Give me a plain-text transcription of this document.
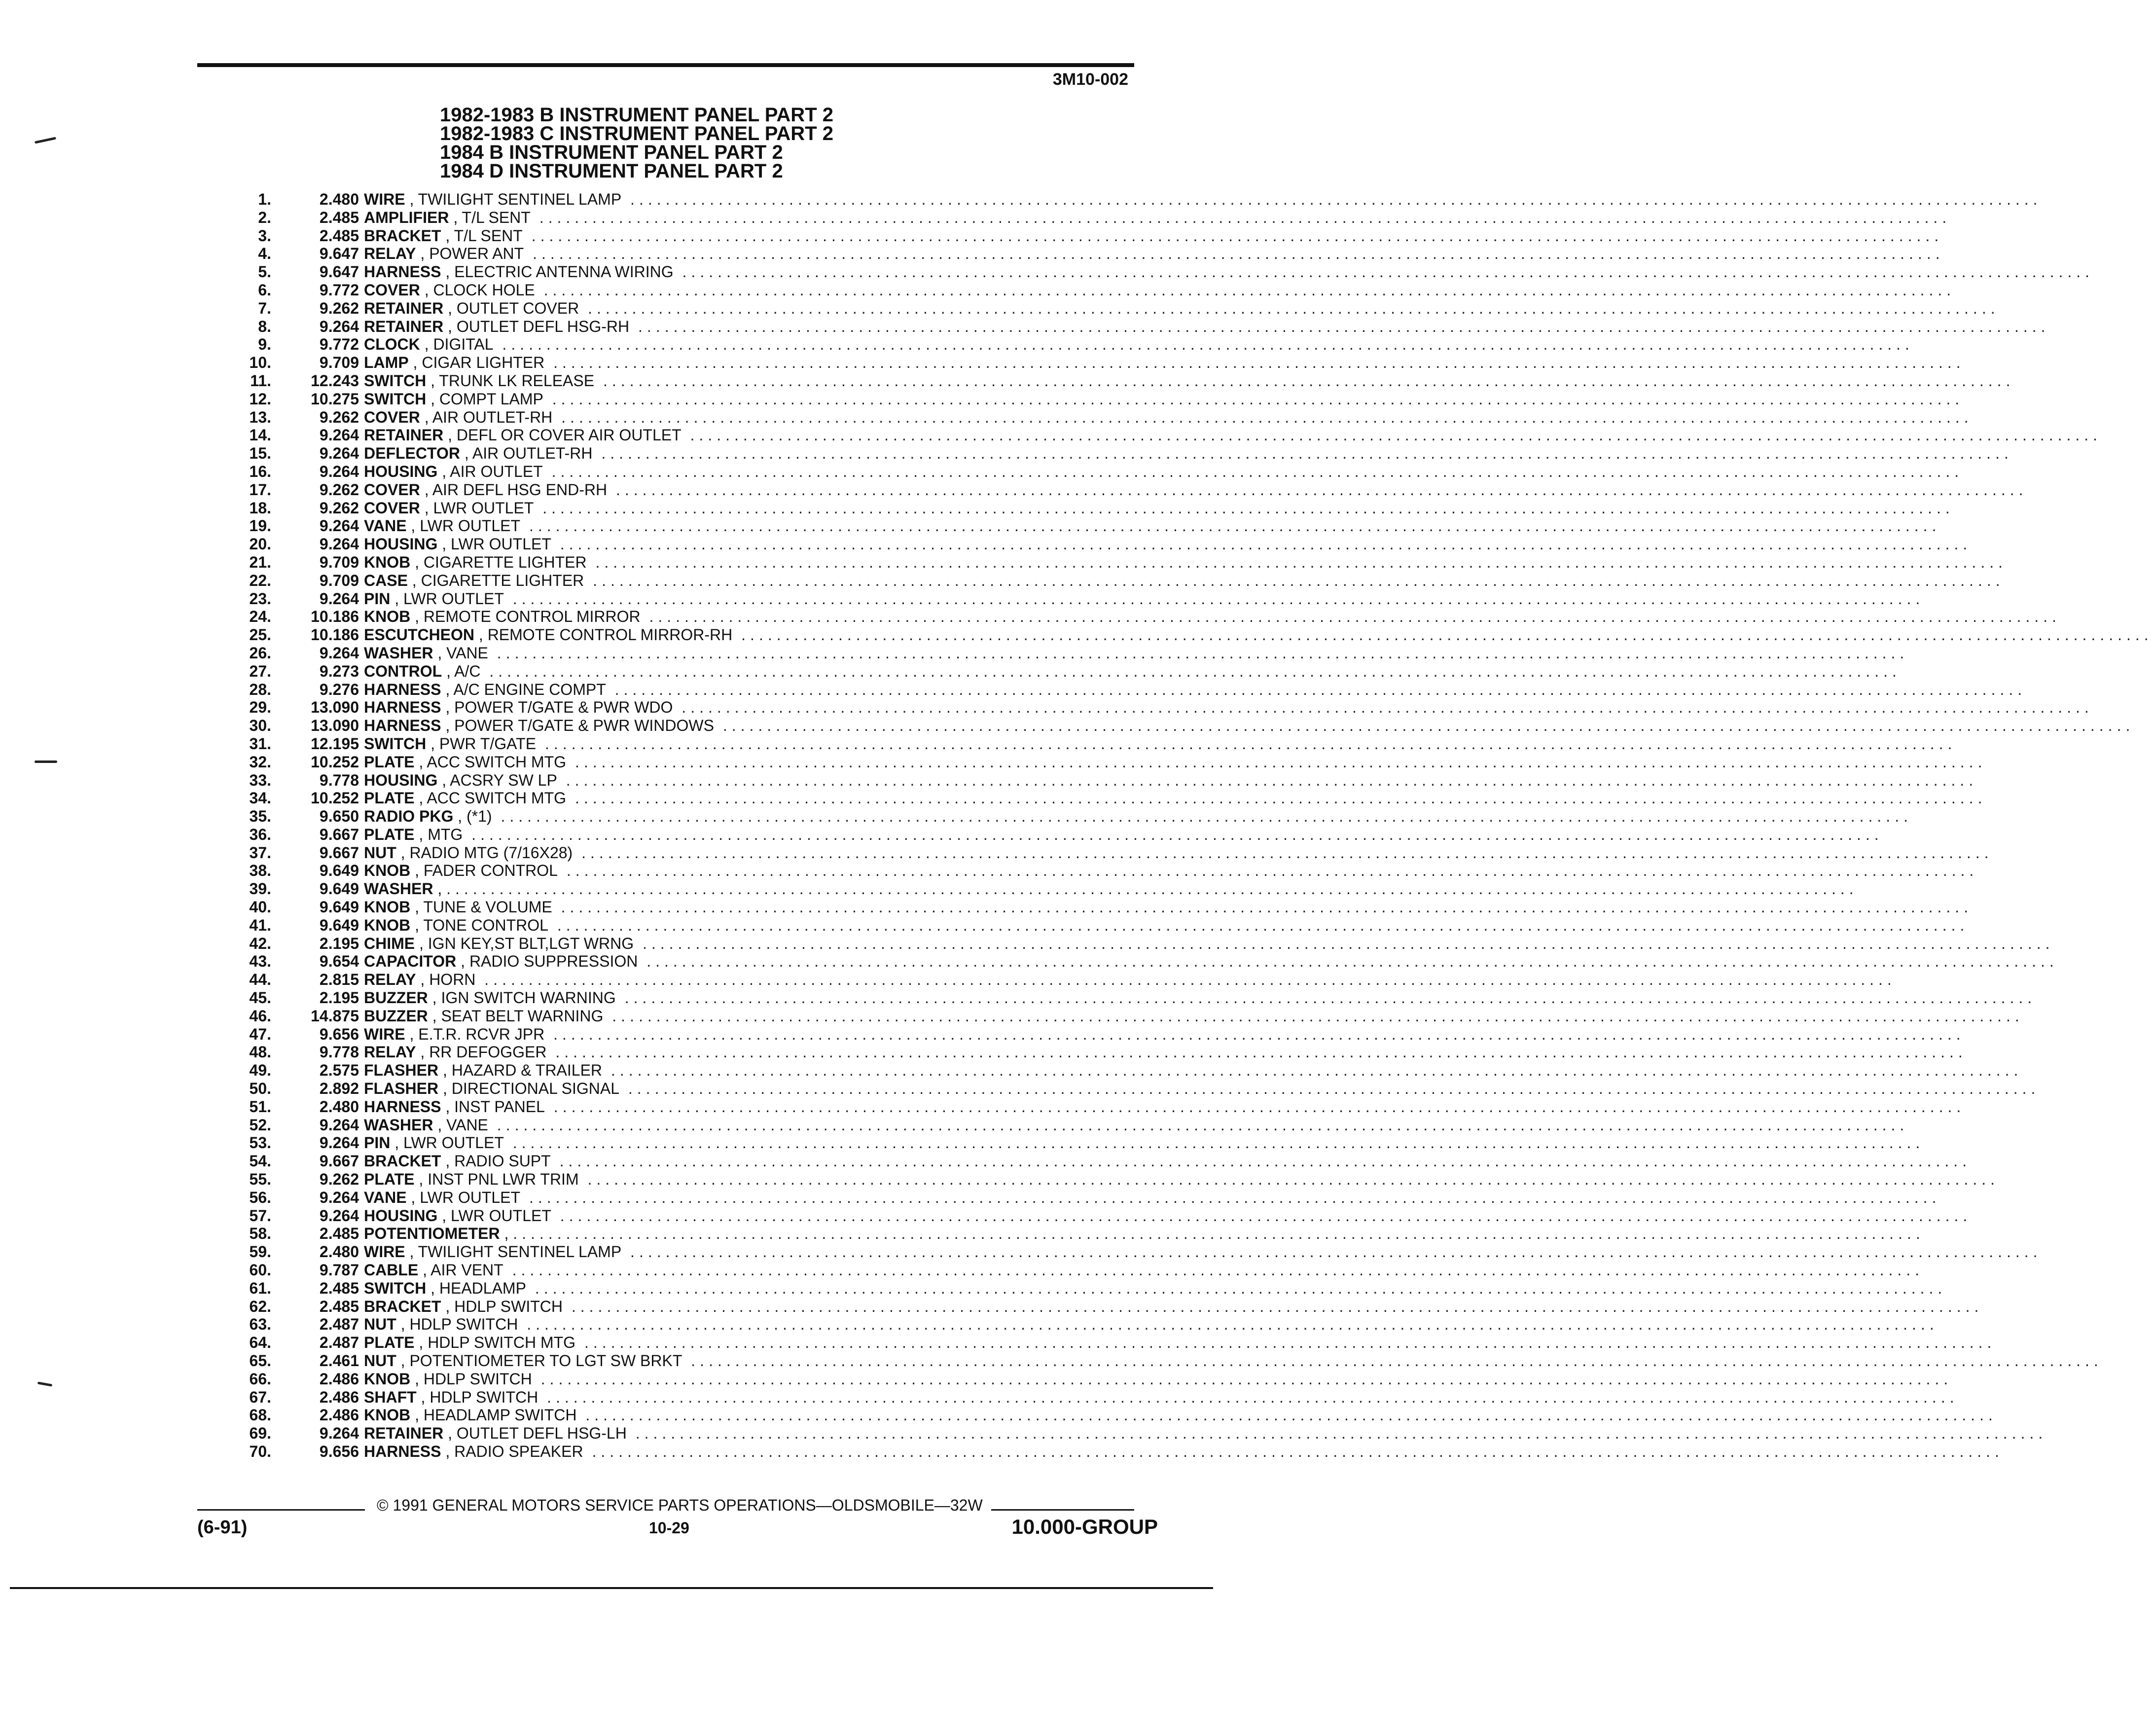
3M10-002
1982-1983 B INSTRUMENT PANEL PART 2
1982-1983 C INSTRUMENT PANEL PART 2
1984 B INSTRUMENT PANEL PART 2
1984 D INSTRUMENT PANEL PART 2
1.	2.480 WIRE , TWILIGHT SENTINEL LAMP ................................................................................................................................................................
2.	2.485 AMPLIFIER , T/L SENT ................................................................................................................................................................
3.	2.485 BRACKET , T/L SENT ................................................................................................................................................................
4.	9.647 RELAY , POWER ANT ................................................................................................................................................................
5.	9.647 HARNESS , ELECTRIC ANTENNA WIRING ................................................................................................................................................................
6.	9.772 COVER , CLOCK HOLE ................................................................................................................................................................
7.	9.262 RETAINER , OUTLET COVER ................................................................................................................................................................
8.	9.264 RETAINER , OUTLET DEFL HSG-RH ................................................................................................................................................................
9.	9.772 CLOCK , DIGITAL ................................................................................................................................................................
10.	9.709 LAMP , CIGAR LIGHTER ................................................................................................................................................................
11.	12.243 SWITCH , TRUNK LK RELEASE ................................................................................................................................................................
12.	10.275 SWITCH , COMPT LAMP ................................................................................................................................................................
13.	9.262 COVER , AIR OUTLET-RH ................................................................................................................................................................
14.	9.264 RETAINER , DEFL OR COVER AIR OUTLET ................................................................................................................................................................
15.	9.264 DEFLECTOR , AIR OUTLET-RH ................................................................................................................................................................
16.	9.264 HOUSING , AIR OUTLET ................................................................................................................................................................
17.	9.262 COVER , AIR DEFL HSG END-RH ................................................................................................................................................................
18.	9.262 COVER , LWR OUTLET ................................................................................................................................................................
19.	9.264 VANE , LWR OUTLET ................................................................................................................................................................
20.	9.264 HOUSING , LWR OUTLET ................................................................................................................................................................
21.	9.709 KNOB , CIGARETTE LIGHTER ................................................................................................................................................................
22.	9.709 CASE , CIGARETTE LIGHTER ................................................................................................................................................................
23.	9.264 PIN , LWR OUTLET ................................................................................................................................................................
24.	10.186 KNOB , REMOTE CONTROL MIRROR ................................................................................................................................................................
25.	10.186 ESCUTCHEON , REMOTE CONTROL MIRROR-RH ................................................................................................................................................................
26.	9.264 WASHER , VANE ................................................................................................................................................................
27.	9.273 CONTROL , A/C ................................................................................................................................................................
28.	9.276 HARNESS , A/C ENGINE COMPT ................................................................................................................................................................
29.	13.090 HARNESS , POWER T/GATE & PWR WDO ................................................................................................................................................................
30.	13.090 HARNESS , POWER T/GATE & PWR WINDOWS ................................................................................................................................................................
31.	12.195 SWITCH , PWR T/GATE ................................................................................................................................................................
32.	10.252 PLATE , ACC SWITCH MTG ................................................................................................................................................................
33.	9.778 HOUSING , ACSRY SW LP ................................................................................................................................................................
34.	10.252 PLATE , ACC SWITCH MTG ................................................................................................................................................................
35.	9.650 RADIO PKG , (*1) ................................................................................................................................................................
36.	9.667 PLATE , MTG ................................................................................................................................................................
37.	9.667 NUT , RADIO MTG (7/16X28) ................................................................................................................................................................
38.	9.649 KNOB , FADER CONTROL ................................................................................................................................................................
39.	9.649 WASHER , ................................................................................................................................................................
40.	9.649 KNOB , TUNE & VOLUME ................................................................................................................................................................
41.	9.649 KNOB , TONE CONTROL ................................................................................................................................................................
42.	2.195 CHIME , IGN KEY,ST BLT,LGT WRNG ................................................................................................................................................................
43.	9.654 CAPACITOR , RADIO SUPPRESSION ................................................................................................................................................................
44.	2.815 RELAY , HORN ................................................................................................................................................................
45.	2.195 BUZZER , IGN SWITCH WARNING ................................................................................................................................................................
46.	14.875 BUZZER , SEAT BELT WARNING ................................................................................................................................................................
47.	9.656 WIRE , E.T.R. RCVR JPR ................................................................................................................................................................
48.	9.778 RELAY , RR DEFOGGER ................................................................................................................................................................
49.	2.575 FLASHER , HAZARD & TRAILER ................................................................................................................................................................
50.	2.892 FLASHER , DIRECTIONAL SIGNAL ................................................................................................................................................................
51.	2.480 HARNESS , INST PANEL ................................................................................................................................................................
52.	9.264 WASHER , VANE ................................................................................................................................................................
53.	9.264 PIN , LWR OUTLET ................................................................................................................................................................
54.	9.667 BRACKET , RADIO SUPT ................................................................................................................................................................
55.	9.262 PLATE , INST PNL LWR TRIM ................................................................................................................................................................
56.	9.264 VANE , LWR OUTLET ................................................................................................................................................................
57.	9.264 HOUSING , LWR OUTLET ................................................................................................................................................................
58.	2.485 POTENTIOMETER , ................................................................................................................................................................
59.	2.480 WIRE , TWILIGHT SENTINEL LAMP ................................................................................................................................................................
60.	9.787 CABLE , AIR VENT ................................................................................................................................................................
61.	2.485 SWITCH , HEADLAMP ................................................................................................................................................................
62.	2.485 BRACKET , HDLP SWITCH ................................................................................................................................................................
63.	2.487 NUT , HDLP SWITCH ................................................................................................................................................................
64.	2.487 PLATE , HDLP SWITCH MTG ................................................................................................................................................................
65.	2.461 NUT , POTENTIOMETER TO LGT SW BRKT ................................................................................................................................................................
66.	2.486 KNOB , HDLP SWITCH ................................................................................................................................................................
67.	2.486 SHAFT , HDLP SWITCH ................................................................................................................................................................
68.	2.486 KNOB , HEADLAMP SWITCH ................................................................................................................................................................
69.	9.264 RETAINER , OUTLET DEFL HSG-LH ................................................................................................................................................................
70.	9.656 HARNESS , RADIO SPEAKER ................................................................................................................................................................
© 1991 GENERAL MOTORS SERVICE PARTS OPERATIONS—OLDSMOBILE—32W
(6-91)	10-29	10.000-GROUP
